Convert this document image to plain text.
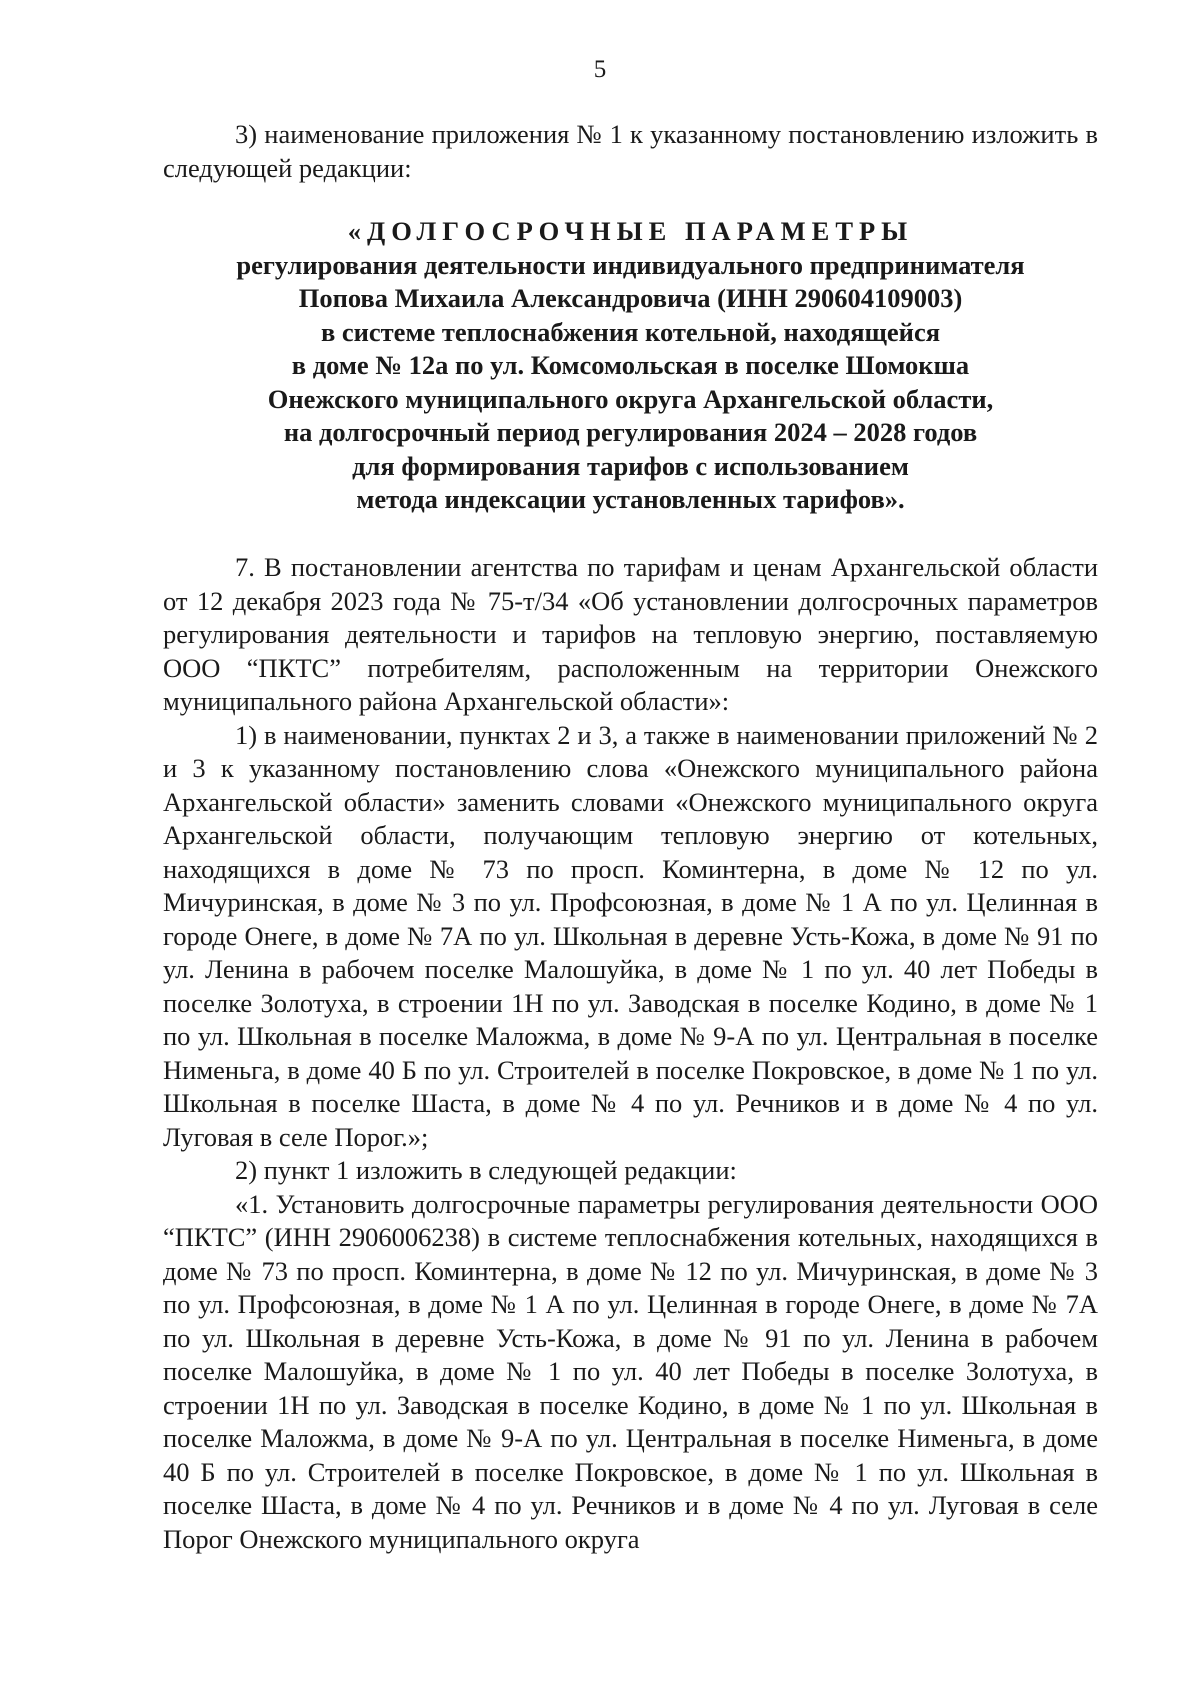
5

3) наименование приложения № 1 к указанному постановлению изложить в следующей редакции:

«ДОЛГОСРОЧНЫЕ ПАРАМЕТРЫ
регулирования деятельности индивидуального предпринимателя
Попова Михаила Александровича (ИНН 290604109003)
в системе теплоснабжения котельной, находящейся
в доме № 12а по ул. Комсомольская в поселке Шомокша
Онежского муниципального округа Архангельской области,
на долгосрочный период регулирования 2024 – 2028 годов
для формирования тарифов с использованием
метода индексации установленных тарифов».

7. В постановлении агентства по тарифам и ценам Архангельской области от 12 декабря 2023 года № 75-т/34 «Об установлении долгосрочных параметров регулирования деятельности и тарифов на тепловую энергию, поставляемую ООО “ПКТС” потребителям, расположенным на территории Онежского муниципального района Архангельской области»:

1) в наименовании, пунктах 2 и 3, а также в наименовании приложений № 2 и 3 к указанному постановлению слова «Онежского муниципального района Архангельской области» заменить словами «Онежского муниципального округа Архангельской области, получающим тепловую энергию от котельных, находящихся в доме № 73 по просп. Коминтерна, в доме № 12 по ул. Мичуринская, в доме № 3 по ул. Профсоюзная, в доме № 1 А по ул. Целинная в городе Онеге, в доме № 7А по ул. Школьная в деревне Усть-Кожа, в доме № 91 по ул. Ленина в рабочем поселке Малошуйка, в доме № 1 по ул. 40 лет Победы в поселке Золотуха, в строении 1Н по ул. Заводская в поселке Кодино, в доме № 1 по ул. Школьная в поселке Маложма, в доме № 9-А по ул. Центральная в поселке Нименьга, в доме 40 Б по ул. Строителей в поселке Покровское, в доме № 1 по ул. Школьная в поселке Шаста, в доме № 4 по ул. Речников и в доме № 4 по ул. Луговая в селе Порог.»;

2) пункт 1 изложить в следующей редакции:

«1. Установить долгосрочные параметры регулирования деятельности ООО “ПКТС” (ИНН 2906006238) в системе теплоснабжения котельных, находящихся в доме № 73 по просп. Коминтерна, в доме № 12 по ул. Мичуринская, в доме № 3 по ул. Профсоюзная, в доме № 1 А по ул. Целинная в городе Онеге, в доме № 7А по ул. Школьная в деревне Усть-Кожа, в доме № 91 по ул. Ленина в рабочем поселке Малошуйка, в доме № 1 по ул. 40 лет Победы в поселке Золотуха, в строении 1Н по ул. Заводская в поселке Кодино, в доме № 1 по ул. Школьная в поселке Маложма, в доме № 9-А по ул. Центральная в поселке Нименьга, в доме 40 Б по ул. Строителей в поселке Покровское, в доме № 1 по ул. Школьная в поселке Шаста, в доме № 4 по ул. Речников и в доме № 4 по ул. Луговая в селе Порог Онежского муниципального округа
